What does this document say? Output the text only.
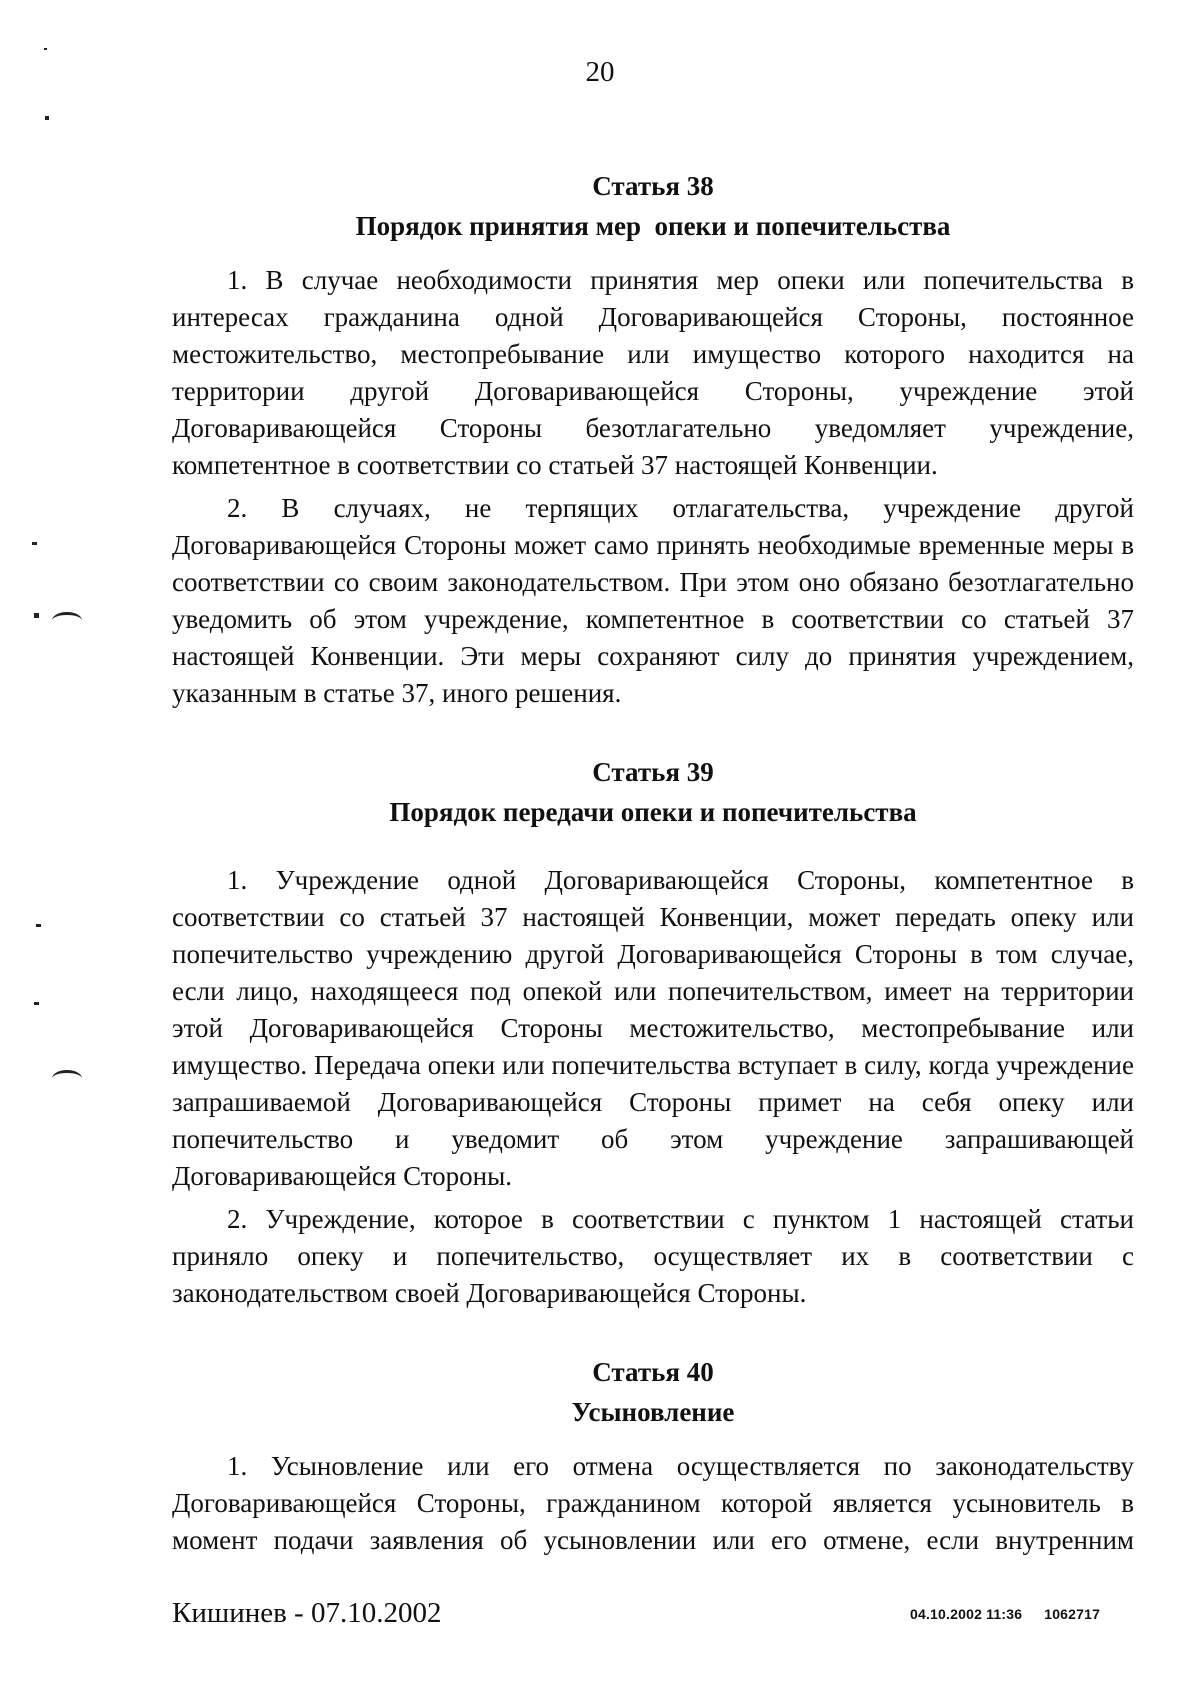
20
Статья 38
Порядок принятия мер  опеки и попечительства

1. В случае необходимости принятия мер опеки или попечительства в интересах гражданина одной Договаривающейся Стороны, постоянное местожительство, местопребывание или имущество которого находится на территории другой Договаривающейся Стороны, учреждение этой Договаривающейся Стороны безотлагательно уведомляет учреждение, компетентное в соответствии со статьей 37 настоящей Конвенции.

2. В случаях, не терпящих отлагательства, учреждение другой Договаривающейся Стороны может само принять необходимые временные меры в соответствии со своим законодательством. При этом оно обязано безотлагательно уведомить об этом учреждение, компетентное в соответствии со статьей 37 настоящей Конвенции. Эти меры сохраняют силу до принятия учреждением, указанным в статье 37, иного решения.

Статья 39
Порядок передачи опеки и попечительства

1. Учреждение одной Договаривающейся Стороны, компетентное в соответствии со статьей 37 настоящей Конвенции, может передать опеку или попечительство учреждению другой Договаривающейся Стороны в том случае, если лицо, находящееся под опекой или попечительством, имеет на территории этой Договаривающейся Стороны местожительство, местопребывание или имущество. Передача опеки или попечительства вступает в силу, когда учреждение запрашиваемой Договаривающейся Стороны примет на себя опеку или попечительство и уведомит об этом учреждение запрашивающей Договаривающейся Стороны.

2. Учреждение, которое в соответствии с пунктом 1 настоящей статьи приняло опеку и попечительство, осуществляет их в соответствии с законодательством своей Договаривающейся Стороны.

Статья 40
Усыновление

1. Усыновление или его отмена осуществляется по законодательству Договаривающейся Стороны, гражданином которой является усыновитель в момент подачи заявления об усыновлении или его отмене, если внутренним

Кишинев - 07.10.2002	04.10.2002 11:36 1062717
